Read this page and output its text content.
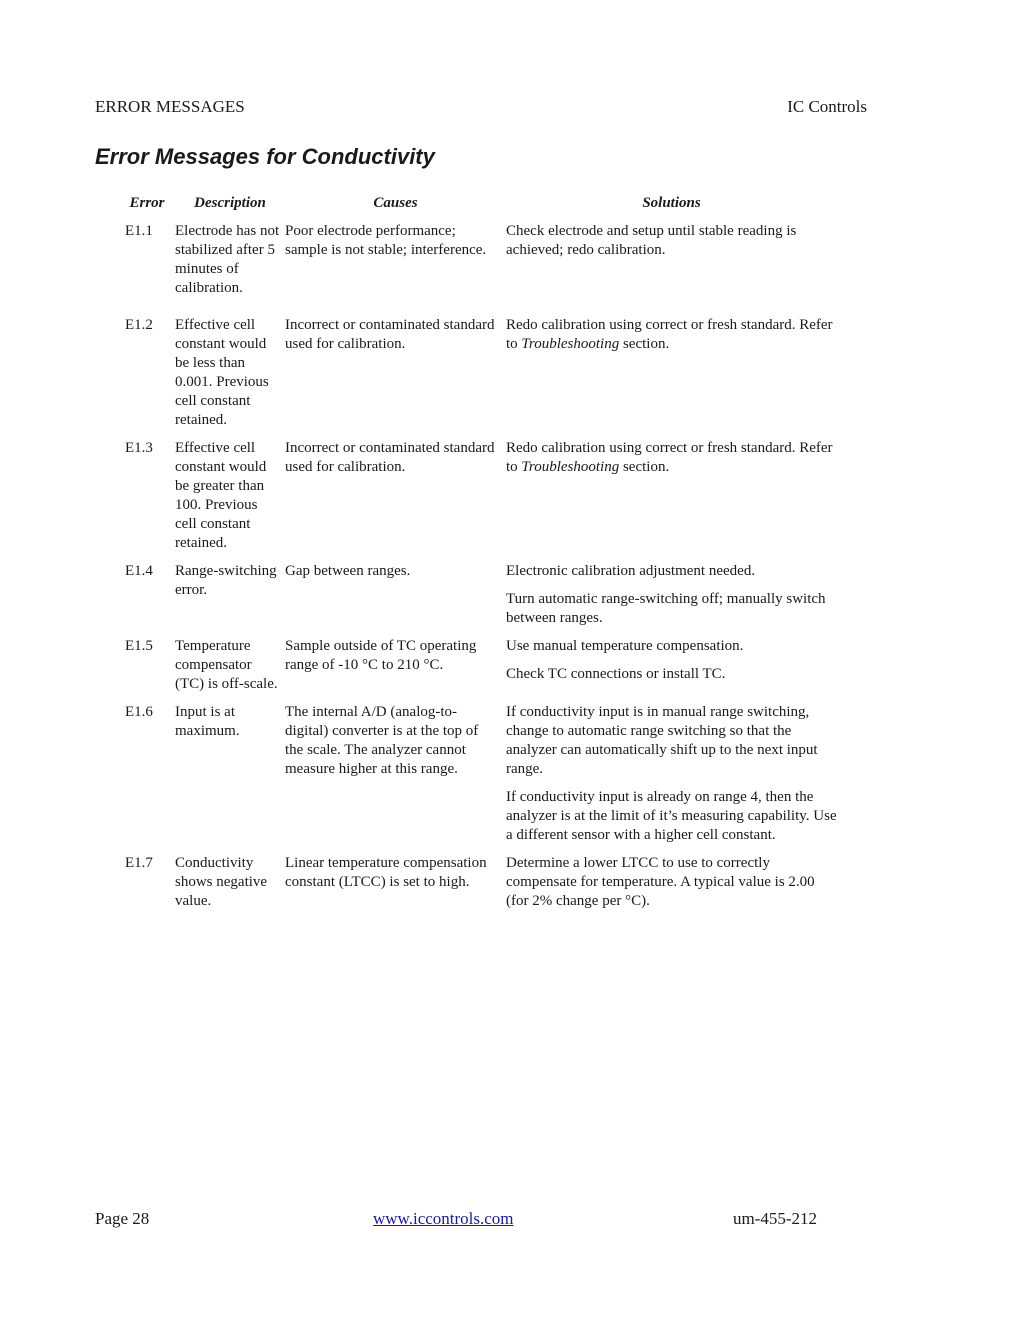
ERROR MESSAGES	IC Controls
Error Messages for Conductivity
Error	Description	Causes	Solutions
E1.1	Electrode has not stabilized after 5 minutes of calibration.	Poor electrode performance; sample is not stable; interference.	Check electrode and setup until stable reading is achieved; redo calibration.

E1.2	Effective cell constant would be less than 0.001. Previous cell constant retained.	Incorrect or contaminated standard used for calibration.	Redo calibration using correct or fresh standard. Refer to Troubleshooting section.

E1.3	Effective cell constant would be greater than 100. Previous cell constant retained.	Incorrect or contaminated standard used for calibration.	Redo calibration using correct or fresh standard. Refer to Troubleshooting section.

E1.4	Range-switching error.	Gap between ranges.	Electronic calibration adjustment needed.

Turn automatic range-switching off; manually switch between ranges.

E1.5	Temperature compensator (TC) is off-scale.	Sample outside of TC operating range of -10 °C to 210 °C.	Use manual temperature compensation.

Check TC connections or install TC.

E1.6	Input is at maximum.	The internal A/D (analog-to-digital) converter is at the top of the scale. The analyzer cannot measure higher at this range.	If conductivity input is in manual range switching, change to automatic range switching so that the analyzer can automatically shift up to the next input range.

If conductivity input is already on range 4, then the analyzer is at the limit of it’s measuring capability. Use a different sensor with a higher cell constant.

E1.7	Conductivity shows negative value.	Linear temperature compensation constant (LTCC) is set to high.	Determine a lower LTCC to use to correctly compensate for temperature. A typical value is 2.00 (for 2% change per °C).

Page 28	www.iccontrols.com	um-455-212
